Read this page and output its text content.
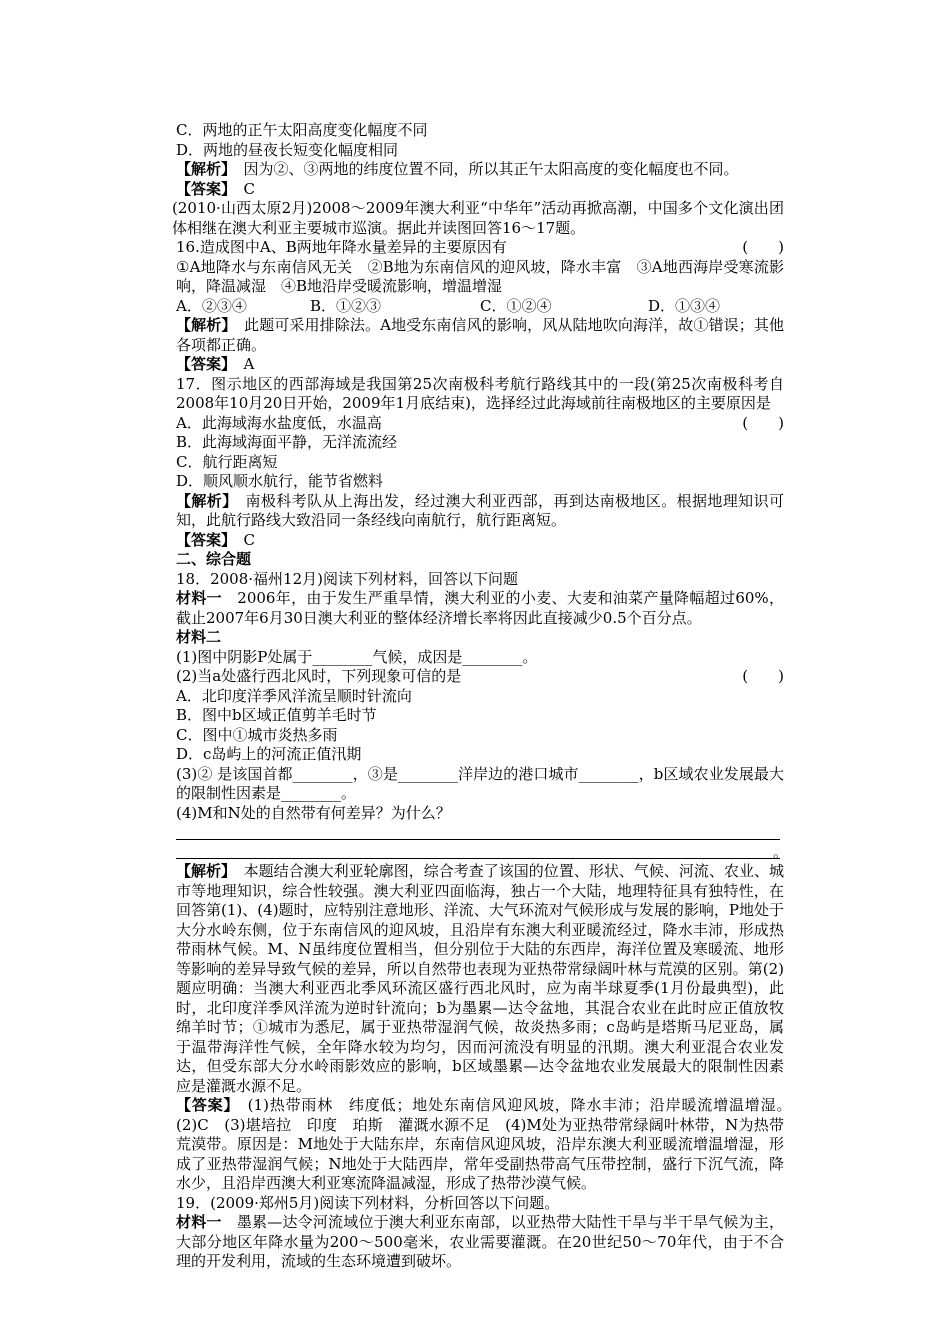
C．两地的正午太阳高度变化幅度不同

D．两地的昼夜长短变化幅度相同

【解析】　因为②、③两地的纬度位置不同，所以其正午太阳高度的变化幅度也不同。

【答案】　C

(2010·山西太原2月)2008～2009年澳大利亚“中华年”活动再掀高潮，中国多个文化演出团体相继在澳大利亚主要城市巡演。据此并读图回答16～17题。

16.造成图中A、B两地年降水量差异的主要原因有	(　　)

①A地降水与东南信风无关　②B地为东南信风的迎风坡，降水丰富　③A地西海岸受寒流影响，降温减湿　④B地沿岸受暖流影响，增温增湿

A．②③④	B．①②③	C．①②④	D．①③④

【解析】　此题可采用排除法。A地受东南信风的影响，风从陆地吹向海洋，故①错误；其他各项都正确。

【答案】　A

17．图示地区的西部海域是我国第25次南极科考航行路线其中的一段(第25次南极科考自2008年10月20日开始，2009年1月底结束)，选择经过此海域前往南极地区的主要原因是
(　　)

A．此海域海水盐度低，水温高

B．此海域海面平静，无洋流流经

C．航行距离短

D．顺风顺水航行，能节省燃料

【解析】　南极科考队从上海出发，经过澳大利亚西部，再到达南极地区。根据地理知识可知，此航行路线大致沿同一条经线向南航行，航行距离短。

【答案】　C

二、综合题

18．2008·福州12月)阅读下列材料，回答以下问题

材料一　2006年，由于发生严重旱情，澳大利亚的小麦、大麦和油菜产量降幅超过60%，截止2007年6月30日澳大利亚的整体经济增长率将因此直接减少0.5个百分点。

材料二

(1)图中阴影P处属于________气候，成因是________。

(2)当a处盛行西北风时，下列现象可信的是	(　　)

A．北印度洋季风洋流呈顺时针流向

B．图中b区域正值剪羊毛时节

C．图中①城市炎热多雨

D．c岛屿上的河流正值汛期

(3)② 是该国首都________，③是________洋岸边的港口城市________，b区域农业发展最大的限制性因素是________。

(4)M和N处的自然带有何差异？为什么？

。

【解析】　本题结合澳大利亚轮廓图，综合考查了该国的位置、形状、气候、河流、农业、城市等地理知识，综合性较强。澳大利亚四面临海，独占一个大陆，地理特征具有独特性，在回答第(1)、(4)题时，应特别注意地形、洋流、大气环流对气候形成与发展的影响，P地处于大分水岭东侧，位于东南信风的迎风坡，且沿岸有东澳大利亚暖流经过，降水丰沛，形成热带雨林气候。M、N虽纬度位置相当，但分别位于大陆的东西岸，海洋位置及寒暖流、地形等影响的差异导致气候的差异，所以自然带也表现为亚热带常绿阔叶林与荒漠的区别。第(2)题应明确：当澳大利亚西北季风环流区盛行西北风时，应为南半球夏季(1月份最典型)，此时，北印度洋季风洋流为逆时针流向；b为墨累—达令盆地，其混合农业在此时应正值放牧绵羊时节；①城市为悉尼，属于亚热带湿润气候，故炎热多雨；c岛屿是塔斯马尼亚岛，属于温带海洋性气候，全年降水较为均匀，因而河流没有明显的汛期。澳大利亚混合农业发达，但受东部大分水岭雨影效应的影响，b区域墨累—达令盆地农业发展最大的限制性因素应是灌溉水源不足。

【答案】　(1)热带雨林　纬度低；地处东南信风迎风坡，降水丰沛；沿岸暖流增温增湿。　(2)C　(3)堪培拉　印度　珀斯　灌溉水源不足　(4)M处为亚热带常绿阔叶林带，N为热带荒漠带。原因是：M地处于大陆东岸，东南信风迎风坡，沿岸东澳大利亚暖流增温增湿，形成了亚热带湿润气候；N地处于大陆西岸，常年受副热带高气压带控制，盛行下沉气流，降水少，且沿岸西澳大利亚寒流降温减湿，形成了热带沙漠气候。

19．(2009·郑州5月)阅读下列材料，分析回答以下问题。

材料一　墨累—达令河流域位于澳大利亚东南部，以亚热带大陆性干旱与半干旱气候为主，大部分地区年降水量为200～500毫米，农业需要灌溉。在20世纪50～70年代，由于不合理的开发利用，流域的生态环境遭到破坏。
